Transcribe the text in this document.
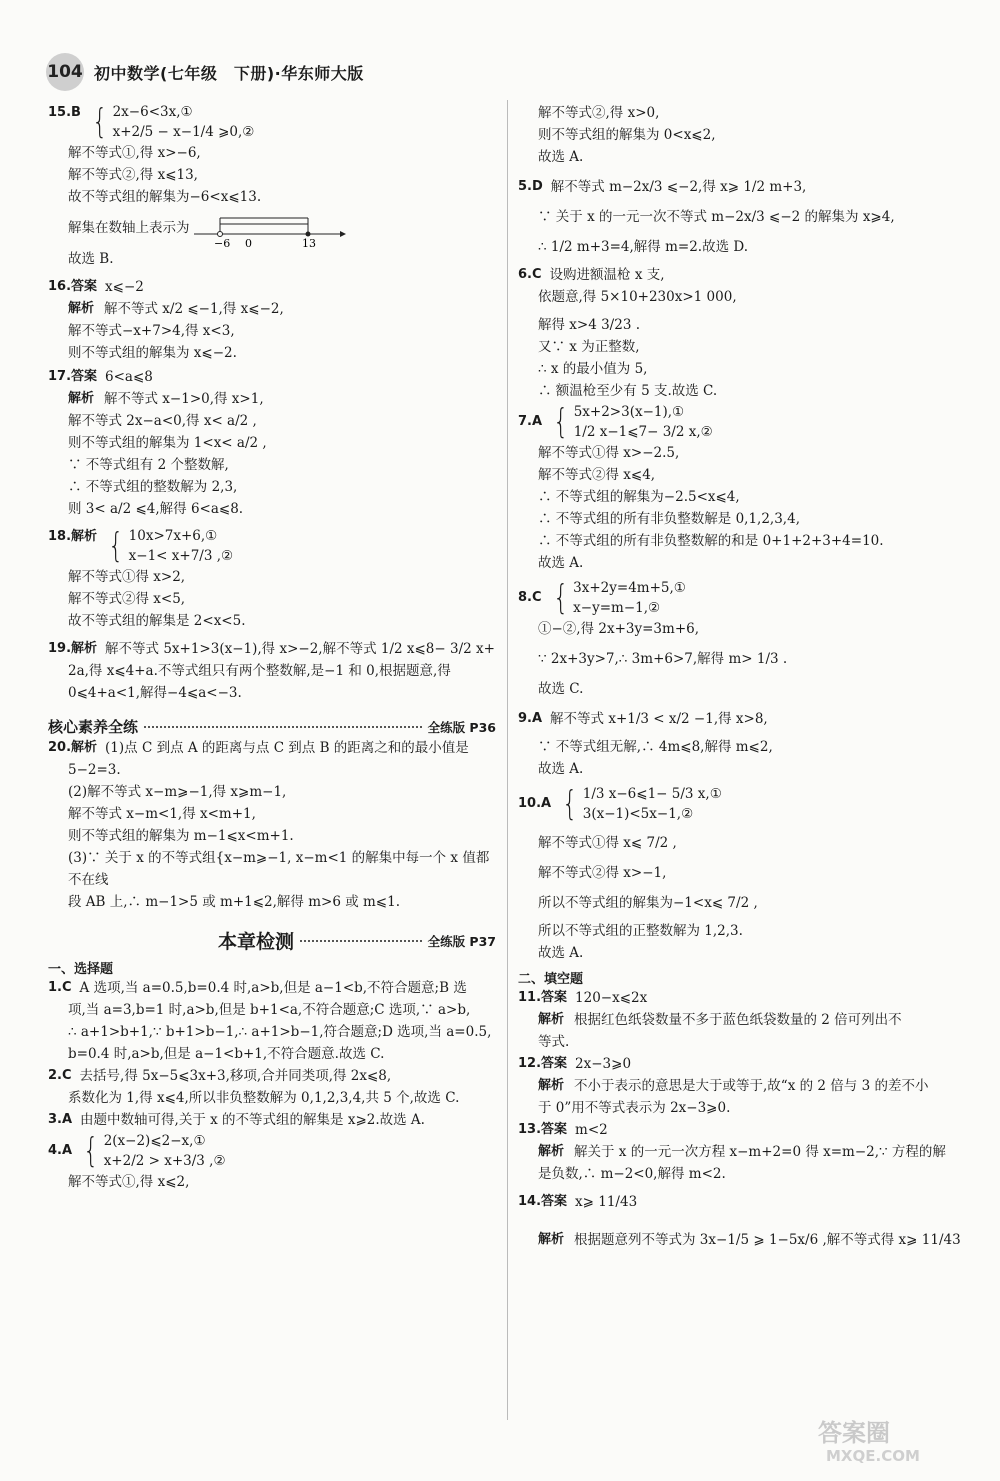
104 初中数学(七年级　下册)·华东师大版
15.B { 2x−6<3x,①
x+2/5 − x−1/4 ⩾0,②
解不等式①,得 x>−6,
解不等式②,得 x⩽13,
故不等式组的解集为−6<x⩽13.
解集在数轴上表示为
−6 0	13
故选 B.
16.答案 x⩽−2
解析 解不等式 x/2 ⩽−1,得 x⩽−2,
解不等式−x+7>4,得 x<3,
则不等式组的解集为 x⩽−2.
17.答案 6<a⩽8
解析 解不等式 x−1>0,得 x>1,
解不等式 2x−a<0,得 x< a/2 ,
则不等式组的解集为 1<x< a/2 ,
∵ 不等式组有 2 个整数解,
∴ 不等式组的整数解为 2,3,
则 3< a/2 ⩽4,解得 6<a⩽8.
18.解析 { 10x>7x+6,①
x−1< x+7/3 ,②
解不等式①得 x>2,
解不等式②得 x<5,
故不等式组的解集是 2<x<5.
19.解析 解不等式 5x+1>3(x−1),得 x>−2,解不等式 1/2 x⩽8− 3/2 x+
2a,得 x⩽4+a.不等式组只有两个整数解,是−1 和 0,根据题意,得
0⩽4+a<1,解得−4⩽a<−3.
核心素养全练	全练版 P36
20.解析 (1)点 C 到点 A 的距离与点 C 到点 B 的距离之和的最小值是
5−2=3.
(2)解不等式 x−m⩾−1,得 x⩾m−1,
解不等式 x−m<1,得 x<m+1,
则不等式组的解集为 m−1⩽x<m+1.
(3)∵ 关于 x 的不等式组{x−m⩾−1, x−m<1 的解集中每一个 x 值都不在线
段 AB 上,∴ m−1>5 或 m+1⩽2,解得 m>6 或 m⩽1.
本章检测	全练版 P37
一、选择题
1.C A 选项,当 a=0.5,b=0.4 时,a>b,但是 a−1<b,不符合题意;B 选
项,当 a=3,b=1 时,a>b,但是 b+1<a,不符合题意;C 选项,∵ a>b,
∴ a+1>b+1,∵ b+1>b−1,∴ a+1>b−1,符合题意;D 选项,当 a=0.5,
b=0.4 时,a>b,但是 a−1<b+1,不符合题意.故选 C.
2.C 去括号,得 5x−5⩽3x+3,移项,合并同类项,得 2x⩽8,
系数化为 1,得 x⩽4,所以非负整数解为 0,1,2,3,4,共 5 个,故选 C.
3.A 由题中数轴可得,关于 x 的不等式组的解集是 x⩾2.故选 A.
4.A { 2(x−2)⩽2−x,①
x+2/2 > x+3/3 ,②
解不等式①,得 x⩽2,
解不等式②,得 x>0,
则不等式组的解集为 0<x⩽2,
故选 A.
5.D 解不等式 m−2x/3 ⩽−2,得 x⩾ 1/2 m+3,
∵ 关于 x 的一元一次不等式 m−2x/3 ⩽−2 的解集为 x⩾4,
∴ 1/2 m+3=4,解得 m=2.故选 D.
6.C 设购进额温枪 x 支,
依题意,得 5×10+230x>1 000,
解得 x>4 3/23 .
又∵ x 为正整数,
∴ x 的最小值为 5,
∴ 额温枪至少有 5 支.故选 C.
7.A { 5x+2>3(x−1),①
1/2 x−1⩽7− 3/2 x,②
解不等式①得 x>−2.5,
解不等式②得 x⩽4,
∴ 不等式组的解集为−2.5<x⩽4,
∴ 不等式组的所有非负整数解是 0,1,2,3,4,
∴ 不等式组的所有非负整数解的和是 0+1+2+3+4=10.
故选 A.
8.C { 3x+2y=4m+5,①
x−y=m−1,②
①−②,得 2x+3y=3m+6,
∵ 2x+3y>7,∴ 3m+6>7,解得 m> 1/3 .
故选 C.
9.A 解不等式 x+1/3 < x/2 −1,得 x>8,
∵ 不等式组无解,∴ 4m⩽8,解得 m⩽2,
故选 A.
10.A { 1/3 x−6⩽1− 5/3 x,①
3(x−1)<5x−1,②
解不等式①得 x⩽ 7/2 ,
解不等式②得 x>−1,
所以不等式组的解集为−1<x⩽ 7/2 ,
所以不等式组的正整数解为 1,2,3.
故选 A.
二、填空题
11.答案 120−x⩽2x
解析 根据红色纸袋数量不多于蓝色纸袋数量的 2 倍可列出不
等式.
12.答案 2x−3⩾0
解析 不小于表示的意思是大于或等于,故“x 的 2 倍与 3 的差不小
于 0”用不等式表示为 2x−3⩾0.
13.答案 m<2
解析 解关于 x 的一元一次方程 x−m+2=0 得 x=m−2,∵ 方程的解
是负数,∴ m−2<0,解得 m<2.
14.答案 x⩾ 11/43
解析 根据题意列不等式为 3x−1/5 ⩾ 1−5x/6 ,解不等式得 x⩾ 11/43
答案圈
MXQE.COM
